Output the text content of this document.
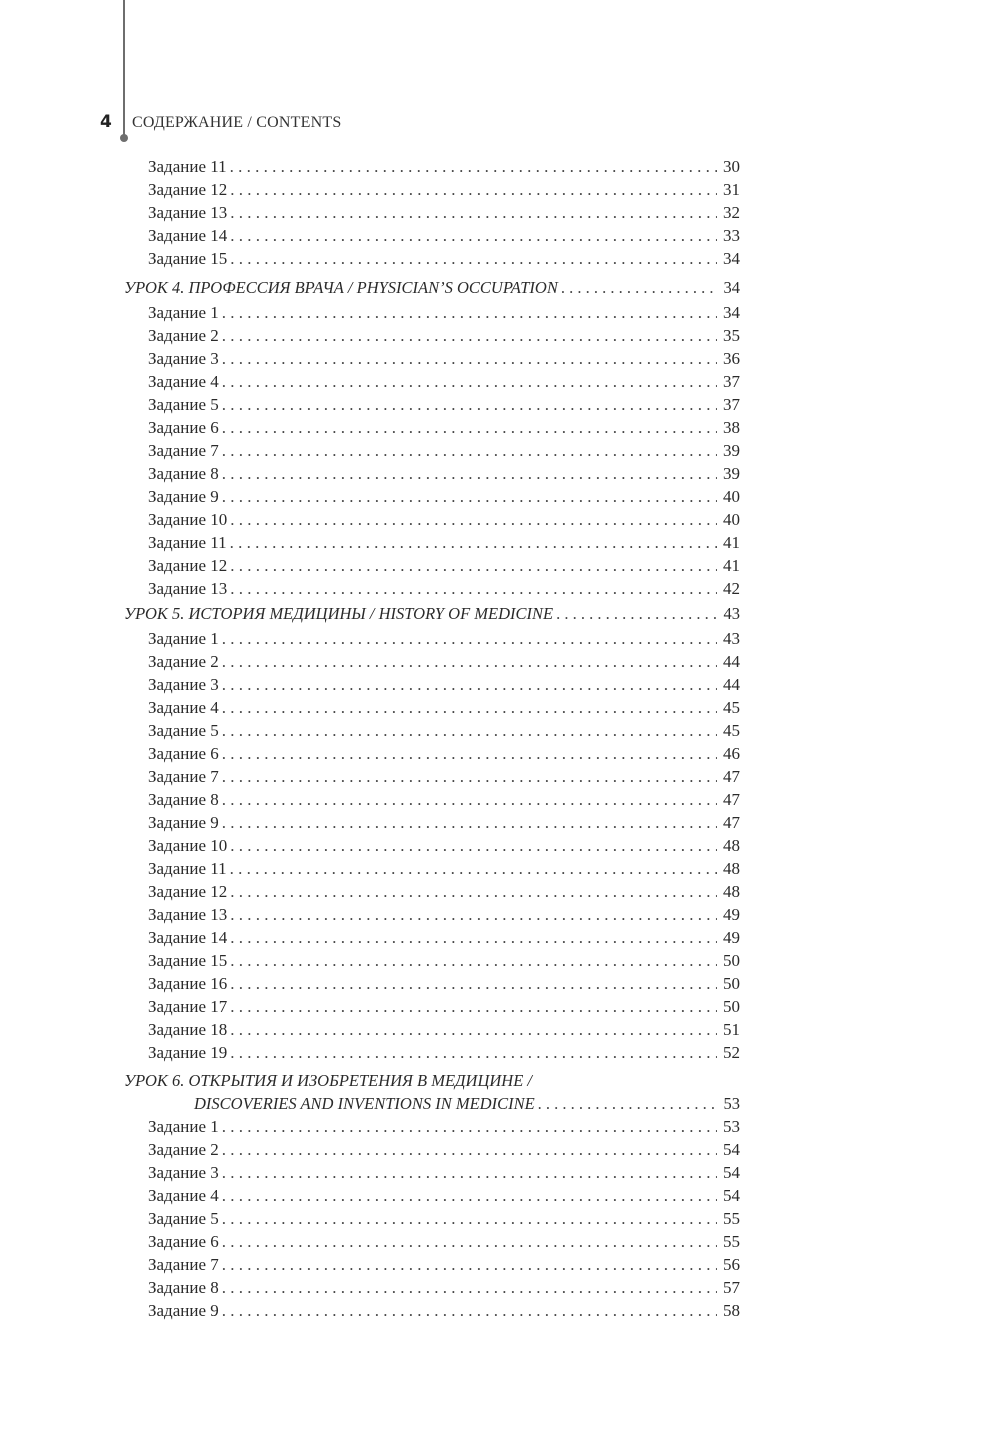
4 СОДЕРЖАНИЕ / CONTENTS
Задание 11 . . .	30
Задание 12 . . .	31
Задание 13 . . .	32
Задание 14 . . .	33
Задание 15 . . .	34
УРОК 4. ПРОФЕССИЯ ВРАЧА / PHYSICIAN’S OCCUPATION . . .	34
Задание 1 . . .	34
Задание 2 . . .	35
Задание 3 . . .	36
Задание 4 . . .	37
Задание 5 . . .	37
Задание 6 . . .	38
Задание 7 . . .	39
Задание 8 . . .	39
Задание 9 . . .	40
Задание 10 . . .	40
Задание 11 . . .	41
Задание 12 . . .	41
Задание 13 . . .	42
УРОК 5. ИСТОРИЯ МЕДИЦИНЫ / HISTORY OF MEDICINE . . .	43
Задание 1 . . .	43
Задание 2 . . .	44
Задание 3 . . .	44
Задание 4 . . .	45
Задание 5 . . .	45
Задание 6 . . .	46
Задание 7 . . .	47
Задание 8 . . .	47
Задание 9 . . .	47
Задание 10 . . .	48
Задание 11 . . .	48
Задание 12 . . .	48
Задание 13 . . .	49
Задание 14 . . .	49
Задание 15 . . .	50
Задание 16 . . .	50
Задание 17 . . .	50
Задание 18 . . .	51
Задание 19 . . .	52
УРОК 6. ОТКРЫТИЯ И ИЗОБРЕТЕНИЯ В МЕДИЦИНЕ /
DISCOVERIES AND INVENTIONS IN MEDICINE . . .	53
Задание 1 . . .	53
Задание 2 . . .	54
Задание 3 . . .	54
Задание 4 . . .	54
Задание 5 . . .	55
Задание 6 . . .	55
Задание 7 . . .	56
Задание 8 . . .	57
Задание 9 . . .	58
